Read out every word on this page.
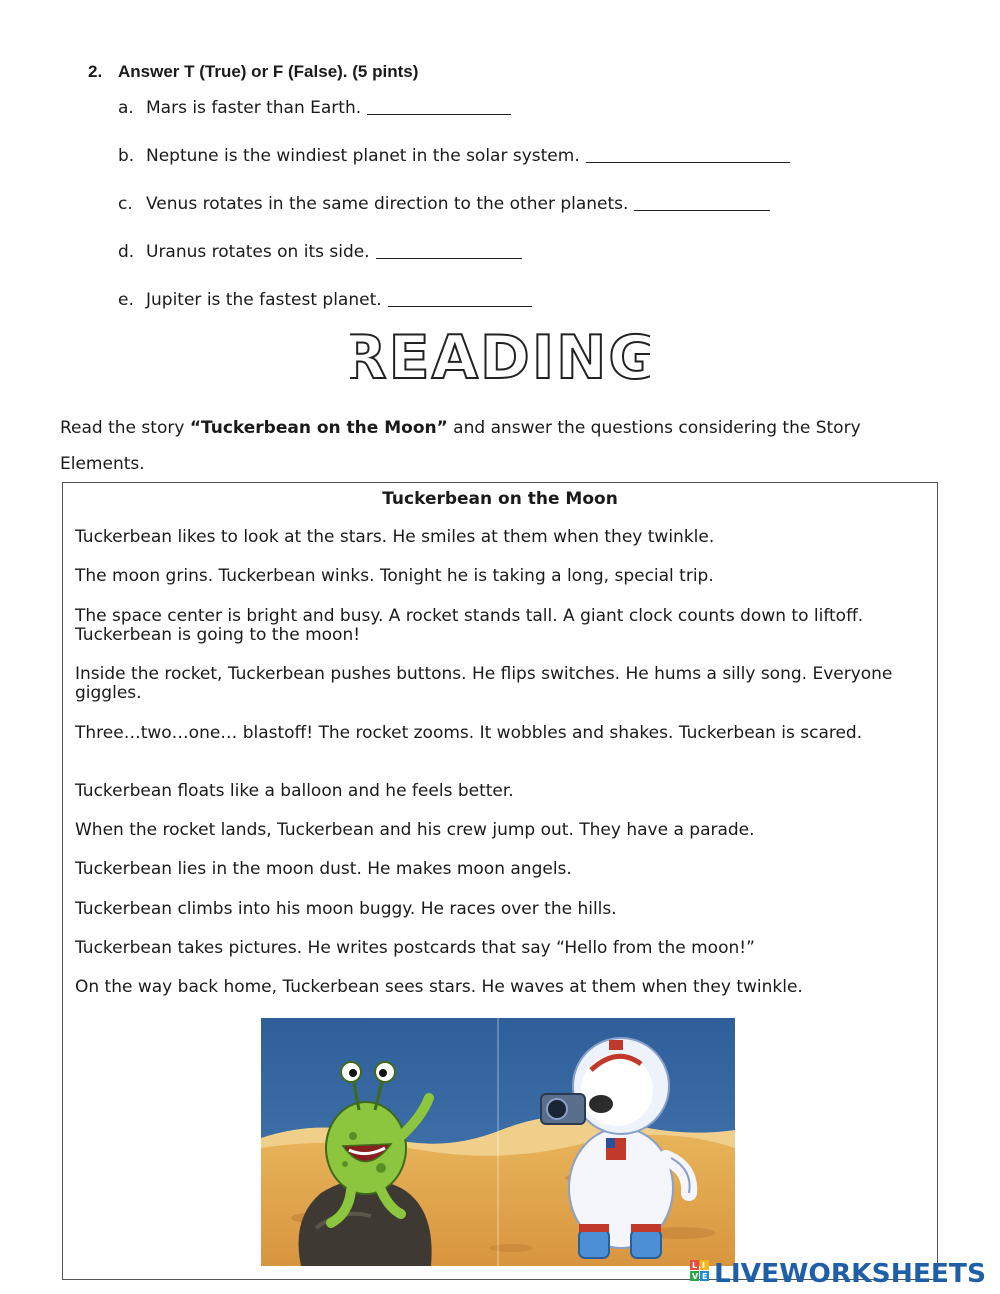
2. Answer T (True) or F (False). (5 pints)
a. Mars is faster than Earth.
b. Neptune is the windiest planet in the solar system.
c. Venus rotates in the same direction to the other planets.
d. Uranus rotates on its side.
e. Jupiter is the fastest planet.
READING
Read the story “Tuckerbean on the Moon” and answer the questions considering the Story Elements.
Tuckerbean on the Moon
Tuckerbean likes to look at the stars. He smiles at them when they twinkle.
The moon grins. Tuckerbean winks. Tonight he is taking a long, special trip.
The space center is bright and busy. A rocket stands tall. A giant clock counts down to liftoff. Tuckerbean is going to the moon!
Inside the rocket, Tuckerbean pushes buttons. He flips switches. He hums a silly song. Everyone giggles.
Three…two…one… blastoff! The rocket zooms. It wobbles and shakes. Tuckerbean is scared.
Tuckerbean floats like a balloon and he feels better.
When the rocket lands, Tuckerbean and his crew jump out. They have a parade.
Tuckerbean lies in the moon dust. He makes moon angels.
Tuckerbean climbs into his moon buggy. He races over the hills.
Tuckerbean takes pictures. He writes postcards that say “Hello from the moon!”
On the way back home, Tuckerbean sees stars. He waves at them when they twinkle.
L I
V E LIVEWORKSHEETS
